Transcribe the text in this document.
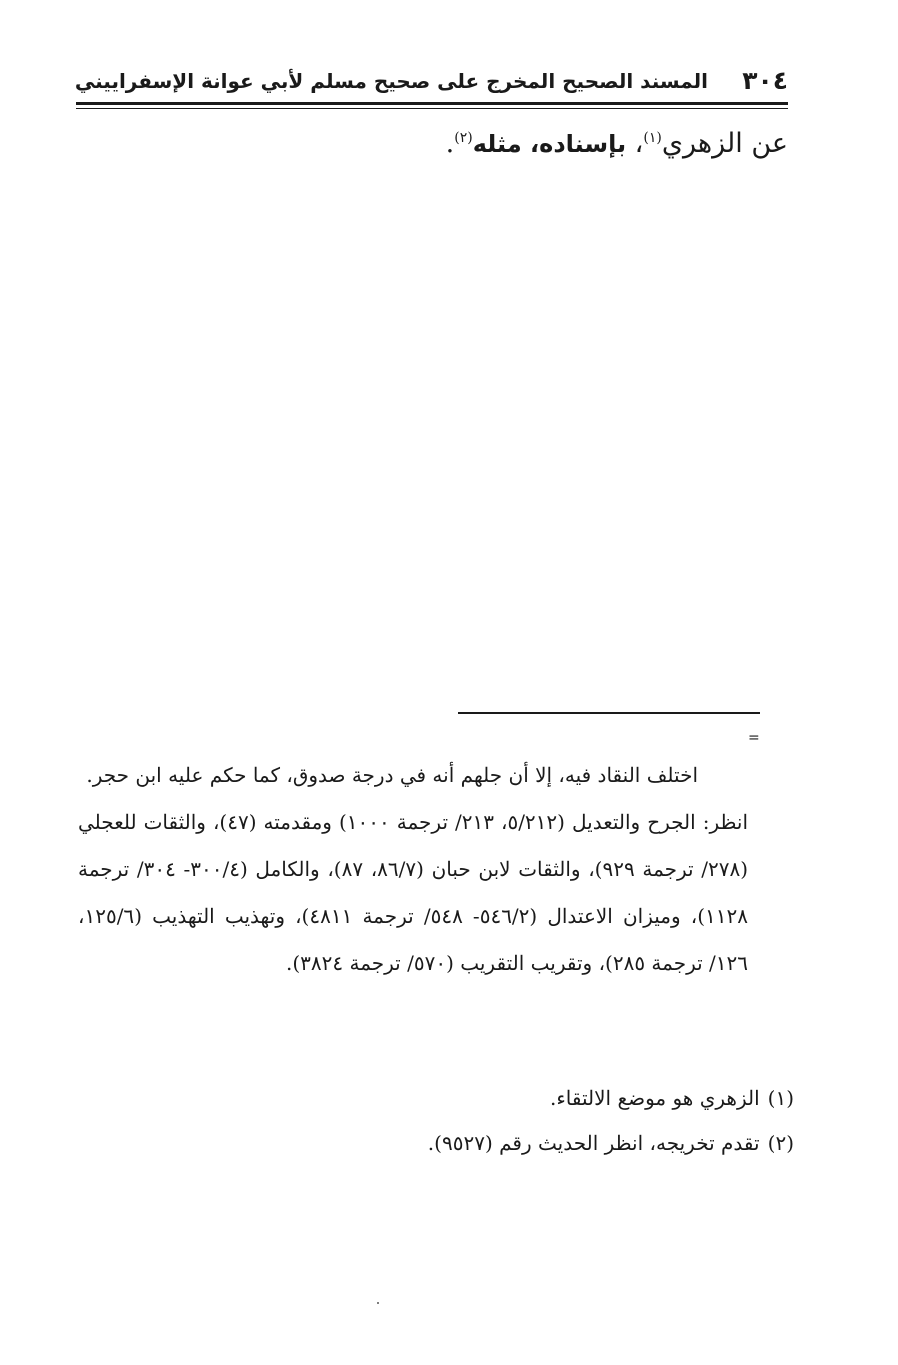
٣٠٤
المسند الصحيح المخرج على صحيح مسلم لأبي عوانة الإسفراييني
عن الزهري$^{(١)}$، بإسناده، مثله$^{(٢)}$.
=

اختلف النقاد فيه، إلا أن جلهم أنه في درجة صدوق، كما حكم عليه ابن حجر.

انظر: الجرح والتعديل (٥/٢١٢، ٢١٣/ ترجمة ١٠٠٠) ومقدمته (٤٧)، والثقات للعجلي (٢٧٨/ ترجمة ٩٢٩)، والثقات لابن حبان (٨٦/٧، ٨٧)، والكامل (٣٠٠/٤- ٣٠٤/ ترجمة ١١٢٨)، وميزان الاعتدال (٥٤٦/٢- ٥٤٨/ ترجمة ٤٨١١)، وتهذيب التهذيب (١٢٥/٦، ١٢٦/ ترجمة ٢٨٥)، وتقريب التقريب (٥٧٠/ ترجمة ٣٨٢٤).

(١)
الزهري هو موضع الالتقاء.
(٢)
تقدم تخريجه، انظر الحديث رقم (٩٥٢٧).
